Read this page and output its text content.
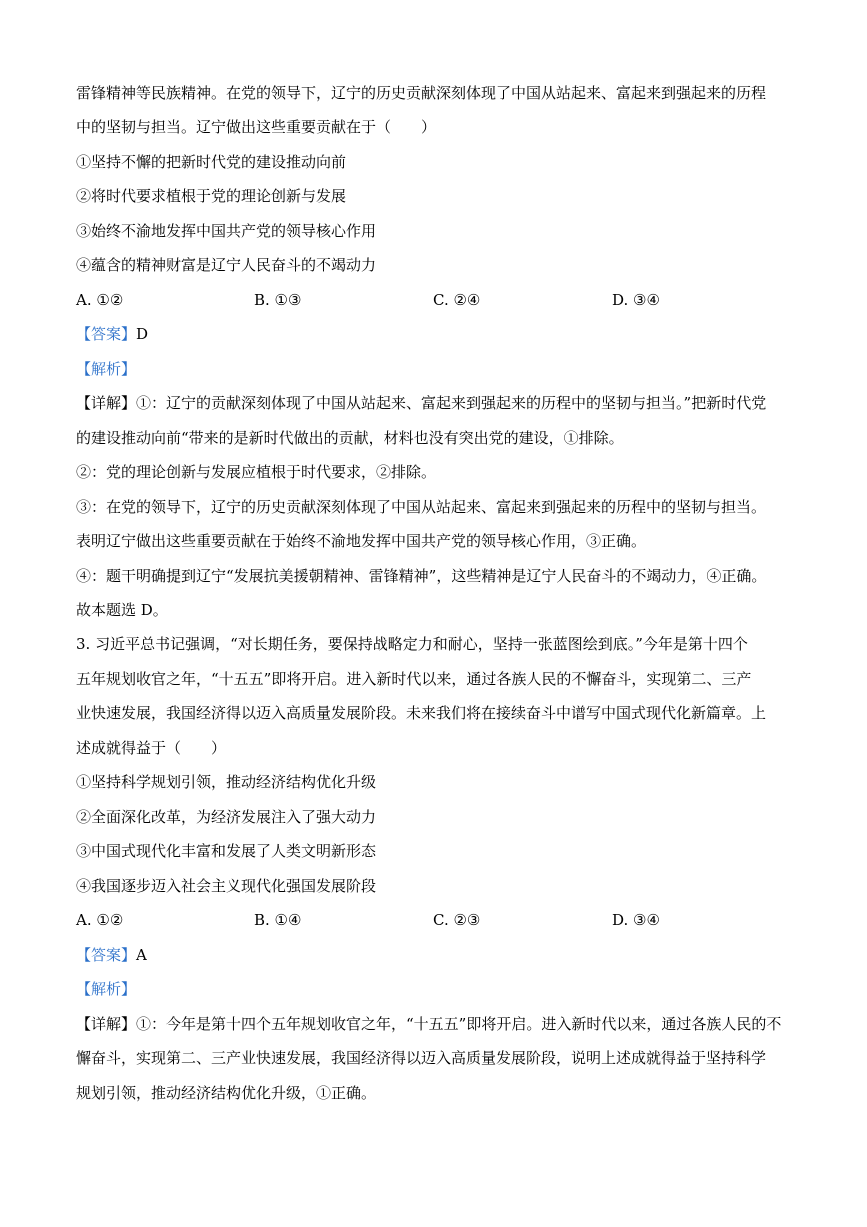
雷锋精神等民族精神。在党的领导下，辽宁的历史贡献深刻体现了中国从站起来、富起来到强起来的历程
中的坚韧与担当。辽宁做出这些重要贡献在于（　　）
①坚持不懈的把新时代党的建设推动向前
②将时代要求植根于党的理论创新与发展
③始终不渝地发挥中国共产党的领导核心作用
④蕴含的精神财富是辽宁人民奋斗的不竭动力
A. ①②	B. ①③	C. ②④	D. ③④
【答案】D
【解析】
【详解】①：辽宁的贡献深刻体现了中国从站起来、富起来到强起来的历程中的坚韧与担当。”把新时代党
的建设推动向前“带来的是新时代做出的贡献，材料也没有突出党的建设，①排除。
②：党的理论创新与发展应植根于时代要求，②排除。
③：在党的领导下，辽宁的历史贡献深刻体现了中国从站起来、富起来到强起来的历程中的坚韧与担当。
表明辽宁做出这些重要贡献在于始终不渝地发挥中国共产党的领导核心作用，③正确。
④：题干明确提到辽宁“发展抗美援朝精神、雷锋精神”，这些精神是辽宁人民奋斗的不竭动力，④正确。
故本题选 D。
3. 习近平总书记强调，“对长期任务，要保持战略定力和耐心，坚持一张蓝图绘到底。”今年是第十四个
五年规划收官之年，“十五五”即将开启。进入新时代以来，通过各族人民的不懈奋斗，实现第二、三产
业快速发展，我国经济得以迈入高质量发展阶段。未来我们将在接续奋斗中谱写中国式现代化新篇章。上
述成就得益于（　　）
①坚持科学规划引领，推动经济结构优化升级
②全面深化改革，为经济发展注入了强大动力
③中国式现代化丰富和发展了人类文明新形态
④我国逐步迈入社会主义现代化强国发展阶段
A. ①②	B. ①④	C. ②③	D. ③④
【答案】A
【解析】
【详解】①：今年是第十四个五年规划收官之年，“十五五”即将开启。进入新时代以来，通过各族人民的不
懈奋斗，实现第二、三产业快速发展，我国经济得以迈入高质量发展阶段，说明上述成就得益于坚持科学
规划引领，推动经济结构优化升级，①正确。
